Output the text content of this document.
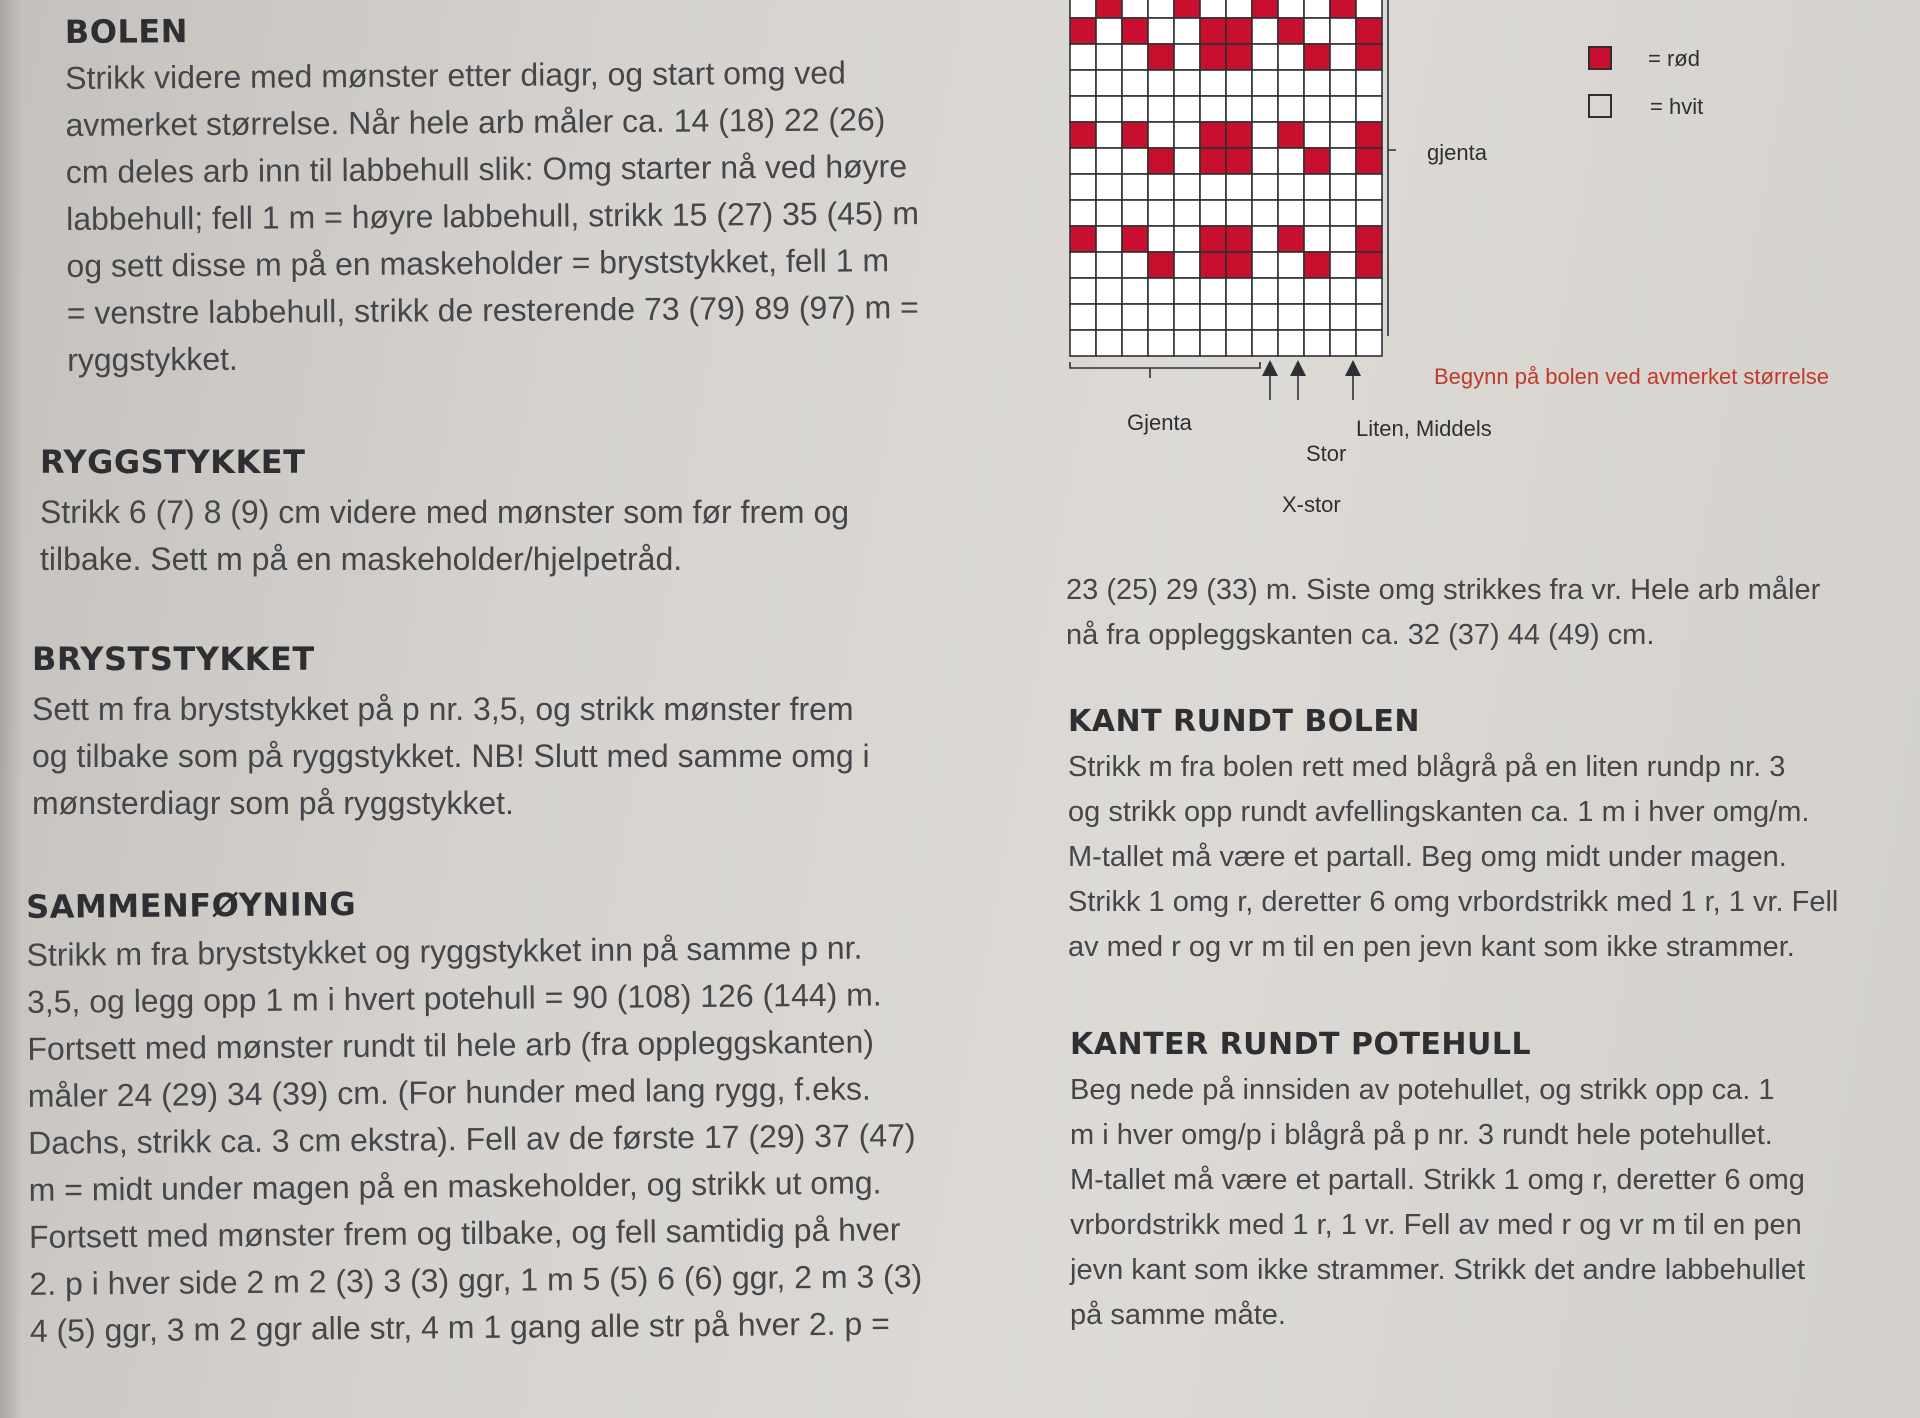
BOLEN

Strikk videre med mønster etter diagr, og start omg ved
avmerket størrelse. Når hele arb måler ca. 14 (18) 22 (26)
cm deles arb inn til labbehull slik: Omg starter nå ved høyre
labbehull; fell 1 m = høyre labbehull, strikk 15 (27) 35 (45) m
og sett disse m på en maskeholder = bryststykket, fell 1 m
= venstre labbehull, strikk de resterende 73 (79) 89 (97) m =
ryggstykket.

RYGGSTYKKET

Strikk 6 (7) 8 (9) cm videre med mønster som før frem og
tilbake. Sett m på en maskeholder/hjelpetråd.

BRYSTSTYKKET

Sett m fra bryststykket på p nr. 3,5, og strikk mønster frem
og tilbake som på ryggstykket. NB! Slutt med samme omg i
mønsterdiagr som på ryggstykket.

SAMMENFØYNING

Strikk m fra bryststykket og ryggstykket inn på samme p nr.
3,5, og legg opp 1 m i hvert potehull = 90 (108) 126 (144) m.
Fortsett med mønster rundt til hele arb (fra oppleggskanten)
måler 24 (29) 34 (39) cm. (For hunder med lang rygg, f.eks.
Dachs, strikk ca. 3 cm ekstra). Fell av de første 17 (29) 37 (47)
m = midt under magen på en maskeholder, og strikk ut omg.
Fortsett med mønster frem og tilbake, og fell samtidig på hver
2. p i hver side 2 m 2 (3) 3 (3) ggr, 1 m 5 (5) 6 (6) ggr, 2 m 3 (3)
4 (5) ggr, 3 m 2 ggr alle str, 4 m 1 gang alle str på hver 2. p =

gjenta
Begynn på bolen ved avmerket størrelse
Gjenta	Liten, Middels
Stor
X-stor
= rød
= hvit

23 (25) 29 (33) m. Siste omg strikkes fra vr. Hele arb måler
nå fra oppleggskanten ca. 32 (37) 44 (49) cm.

KANT RUNDT BOLEN

Strikk m fra bolen rett med blågrå på en liten rundp nr. 3
og strikk opp rundt avfellingskanten ca. 1 m i hver omg/m.
M-tallet må være et partall. Beg omg midt under magen.
Strikk 1 omg r, deretter 6 omg vrbordstrikk med 1 r, 1 vr. Fell
av med r og vr m til en pen jevn kant som ikke strammer.

KANTER RUNDT POTEHULL

Beg nede på innsiden av potehullet, og strikk opp ca. 1
m i hver omg/p i blågrå på p nr. 3 rundt hele potehullet.
M-tallet må være et partall. Strikk 1 omg r, deretter 6 omg
vrbordstrikk med 1 r, 1 vr. Fell av med r og vr m til en pen
jevn kant som ikke strammer. Strikk det andre labbehullet
på samme måte.
